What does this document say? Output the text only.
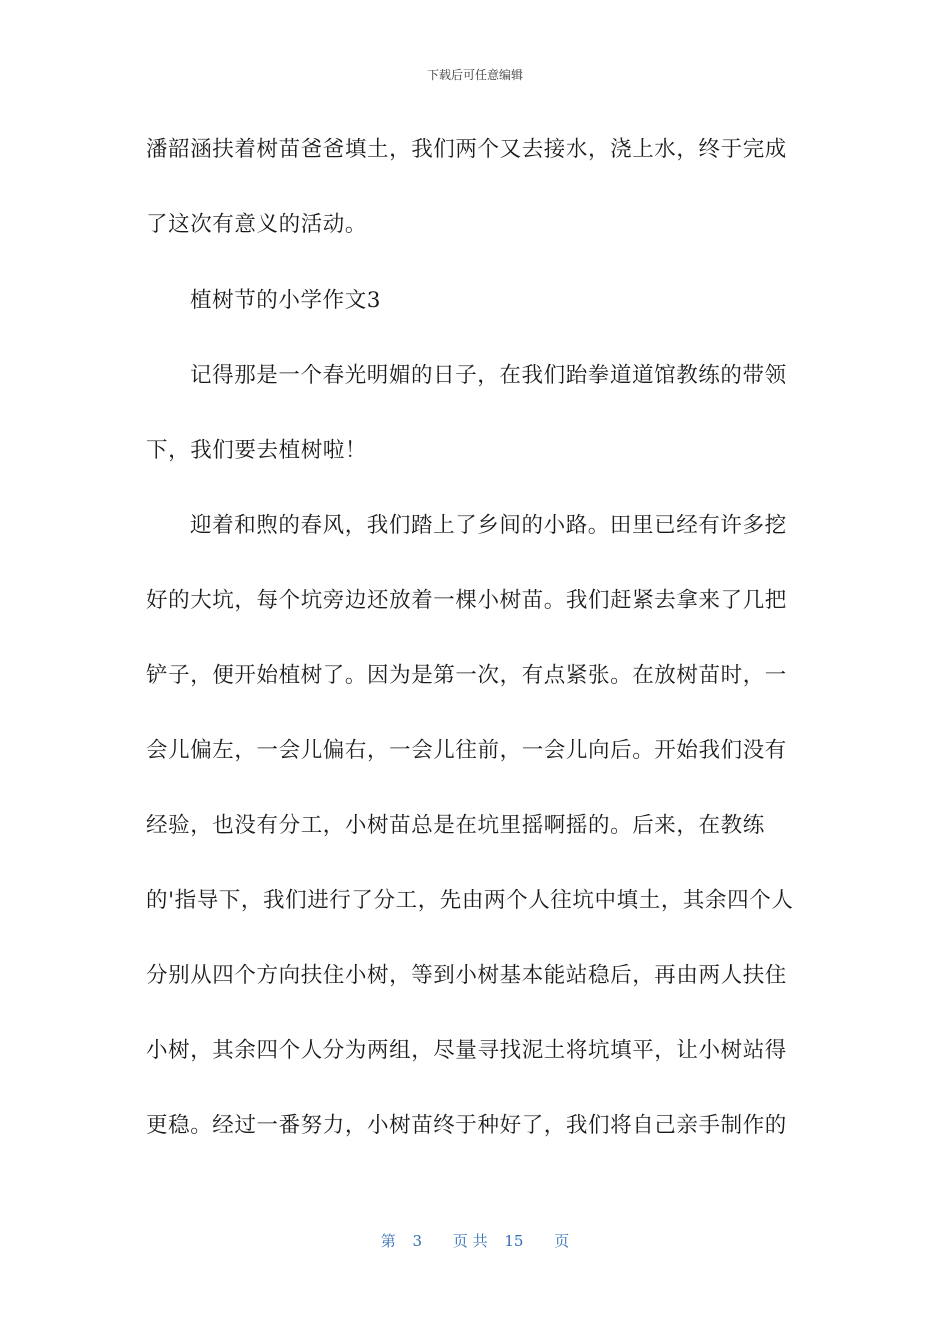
下载后可任意编辑
潘韶涵扶着树苗爸爸填土，我们两个又去接水，浇上水，终于完成
了这次有意义的活动。
植树节的小学作文3
记得那是一个春光明媚的日子，在我们跆拳道道馆教练的带领
下，我们要去植树啦！
迎着和煦的春风，我们踏上了乡间的小路。田里已经有许多挖
好的大坑，每个坑旁边还放着一棵小树苗。我们赶紧去拿来了几把
铲子，便开始植树了。因为是第一次，有点紧张。在放树苗时，一
会儿偏左，一会儿偏右，一会儿往前，一会儿向后。开始我们没有
经验，也没有分工，小树苗总是在坑里摇啊摇的。后来，在教练
的'指导下，我们进行了分工，先由两个人往坑中填土，其余四个人
分别从四个方向扶住小树，等到小树基本能站稳后，再由两人扶住
小树，其余四个人分为两组，尽量寻找泥土将坑填平，让小树站得
更稳。经过一番努力，小树苗终于种好了，我们将自己亲手制作的
第 3 页 共 15 页
